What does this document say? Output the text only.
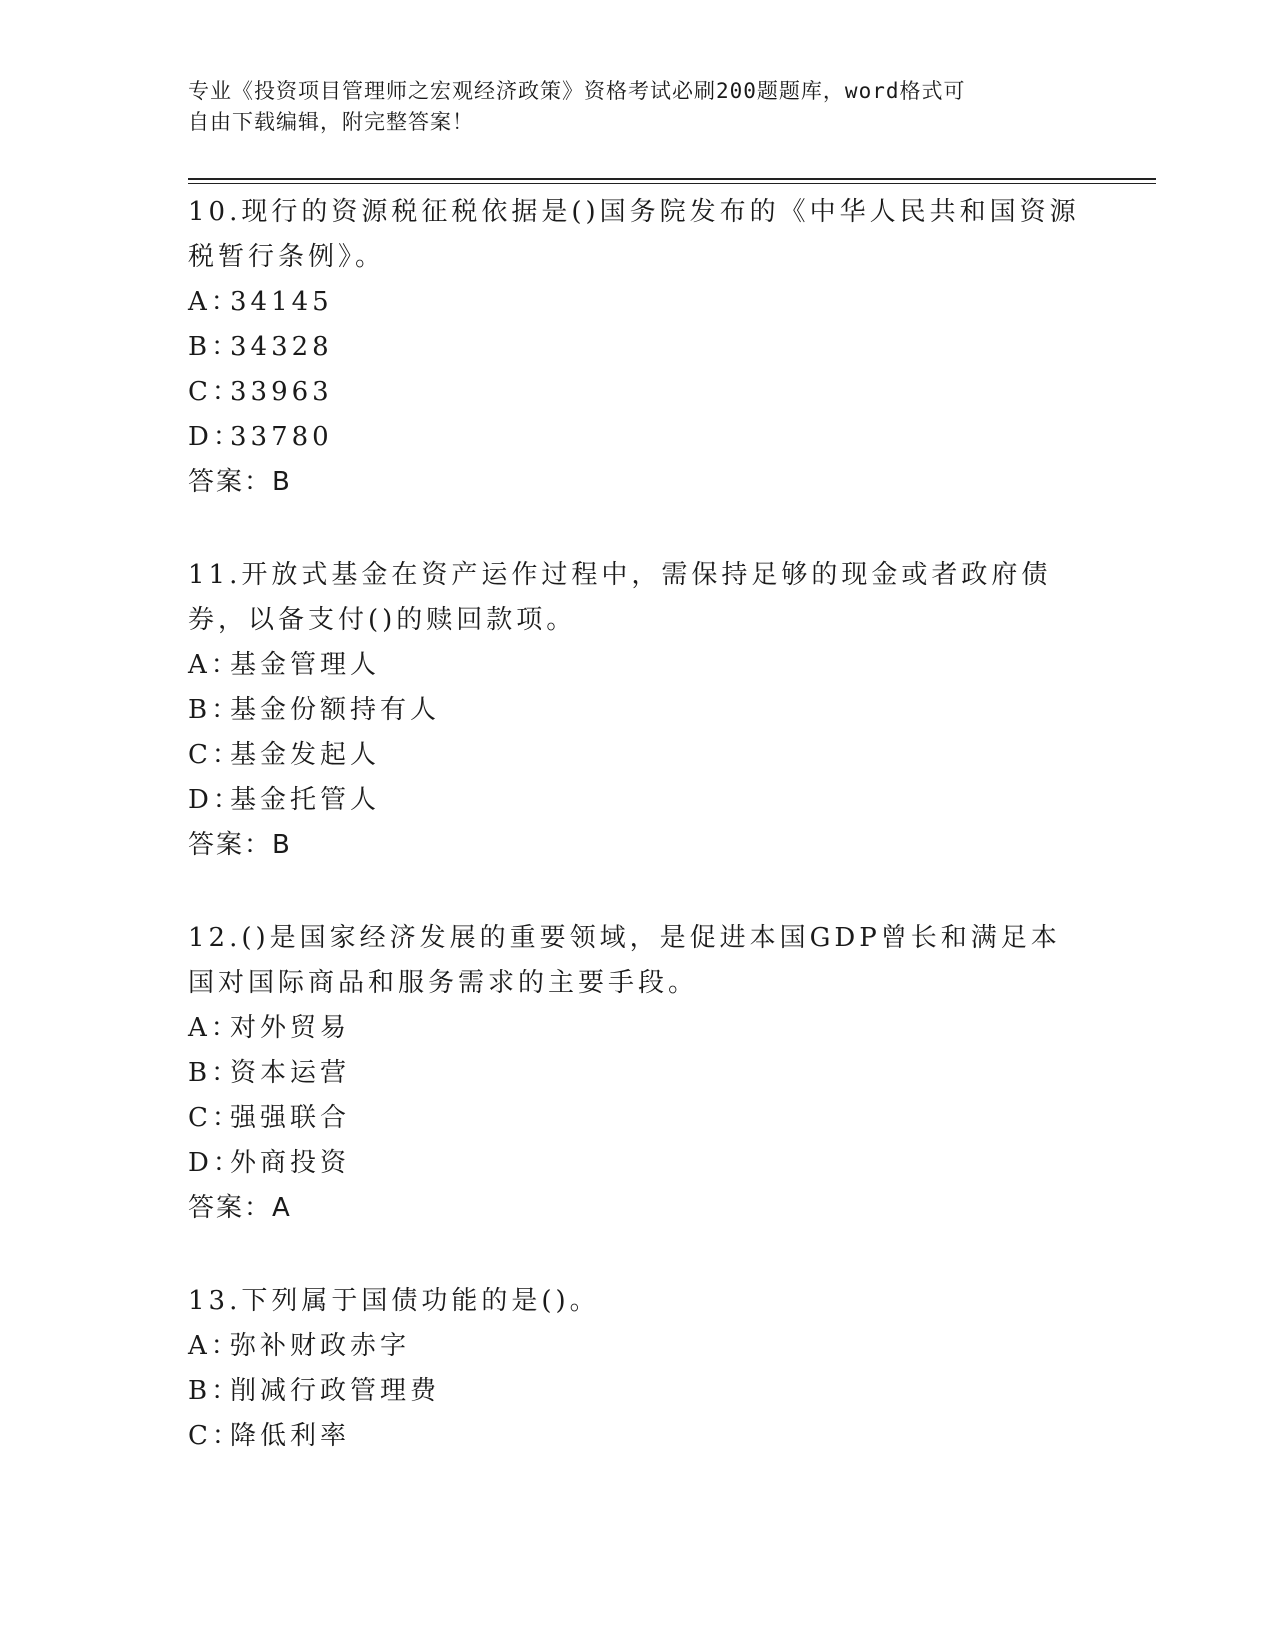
专业《投资项目管理师之宏观经济政策》资格考试必刷200题题库，word格式可
自由下载编辑，附完整答案！
10.现行的资源税征税依据是()国务院发布的《中华人民共和国资源税暂行条例》。
A：
34145
B：
34328
C：
33963
D：
33780
答案：B
11.开放式基金在资产运作过程中，需保持足够的现金或者政府债券，以备支付()的赎回款项。
A：
基金管理人
B：
基金份额持有人
C：
基金发起人
D：
基金托管人
答案：B
12.()是国家经济发展的重要领域，是促进本国GDP曾长和满足本国对国际商品和服务需求的主要手段。
A：
对外贸易
B：
资本运营
C：
强强联合
D：
外商投资
答案：A
13.下列属于国债功能的是()。
A：
弥补财政赤字
B：
削减行政管理费
C：
降低利率
